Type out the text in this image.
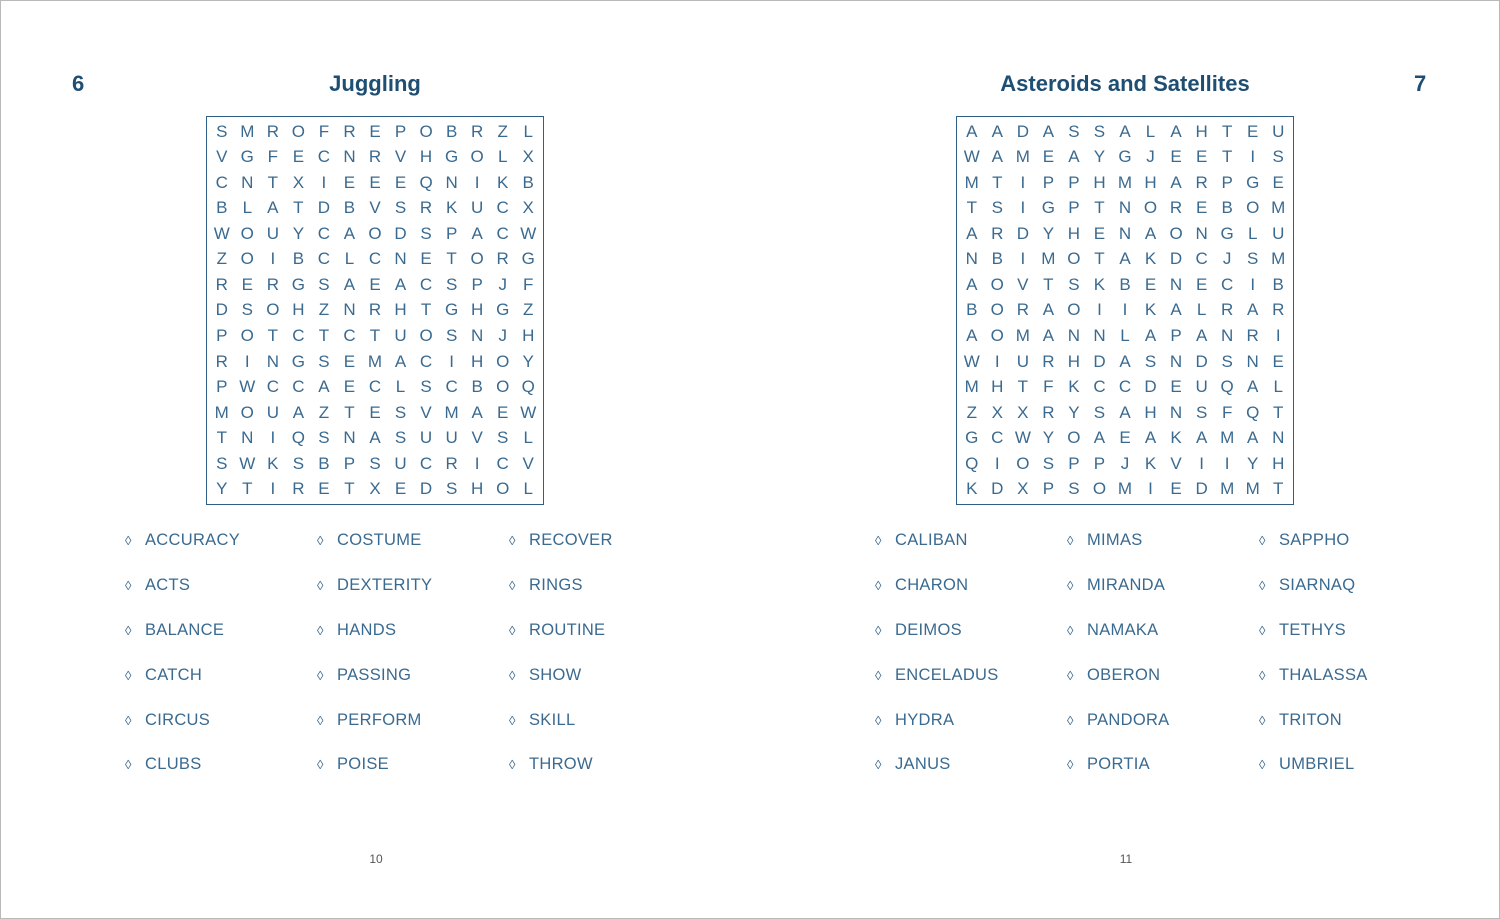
6	Juggling
S M R O F R E P O B R Z L
V G F E C N R V H G O L X
C N T X	I	E E E Q N	I	K B
B L A T D B V S R K U C X
W O U Y C A O D S P A C W
Z O I	B C L C N E T O R G
R E R G S A E A C S P J F
D S O H Z N R H T G H G Z
P O T C T C T U O S N J H
R	I	N G S E M A C	I	H O Y
P W C C A E C L S C B O Q
M O U A Z T E S V M A E W
T N	I Q S N A S U U V S L
S W K S B P S U C R	I	C V
Y T	I	R E T X E D S H O L
◊ ACCURACY
◊ ACTS
◊ BALANCE
◊ CATCH
◊ CIRCUS
◊ CLUBS
◊ COSTUME
◊ DEXTERITY
◊ HANDS
◊ PASSING
◊ PERFORM
◊ POISE
◊ RECOVER
◊ RINGS
◊ ROUTINE
◊ SHOW
◊ SKILL
◊ THROW
10
Asteroids and Satellites	7
A A D A S S A L A H T E U
W A M E A Y G J E E T	I	S
M T	I	P P H M H A R P G E
T S	I G P T N O R E B O M
A R D Y H E N A O N G L U
N B	I M O T A K D C J S M
A O V T S K B E N E C	I	B
B O R A O I	I	K A L R A R
A O M A N N L A P A N R	I
W I	U R H D A S N D S N E
M H T F K C C D E U Q A L
Z X X R Y S A H N S F Q T
G C W Y O A E A K A M A N
Q I O S P P J K V	I	I	Y H
K D X P S O M I	E D M M T
◊ CALIBAN
◊ CHARON
◊ DEIMOS
◊ ENCELADUS
◊ HYDRA
◊ JANUS
◊ MIMAS
◊ MIRANDA
◊ NAMAKA
◊ OBERON
◊ PANDORA
◊ PORTIA
◊ SAPPHO
◊ SIARNAQ
◊ TETHYS
◊ THALASSA
◊ TRITON
◊ UMBRIEL
11
